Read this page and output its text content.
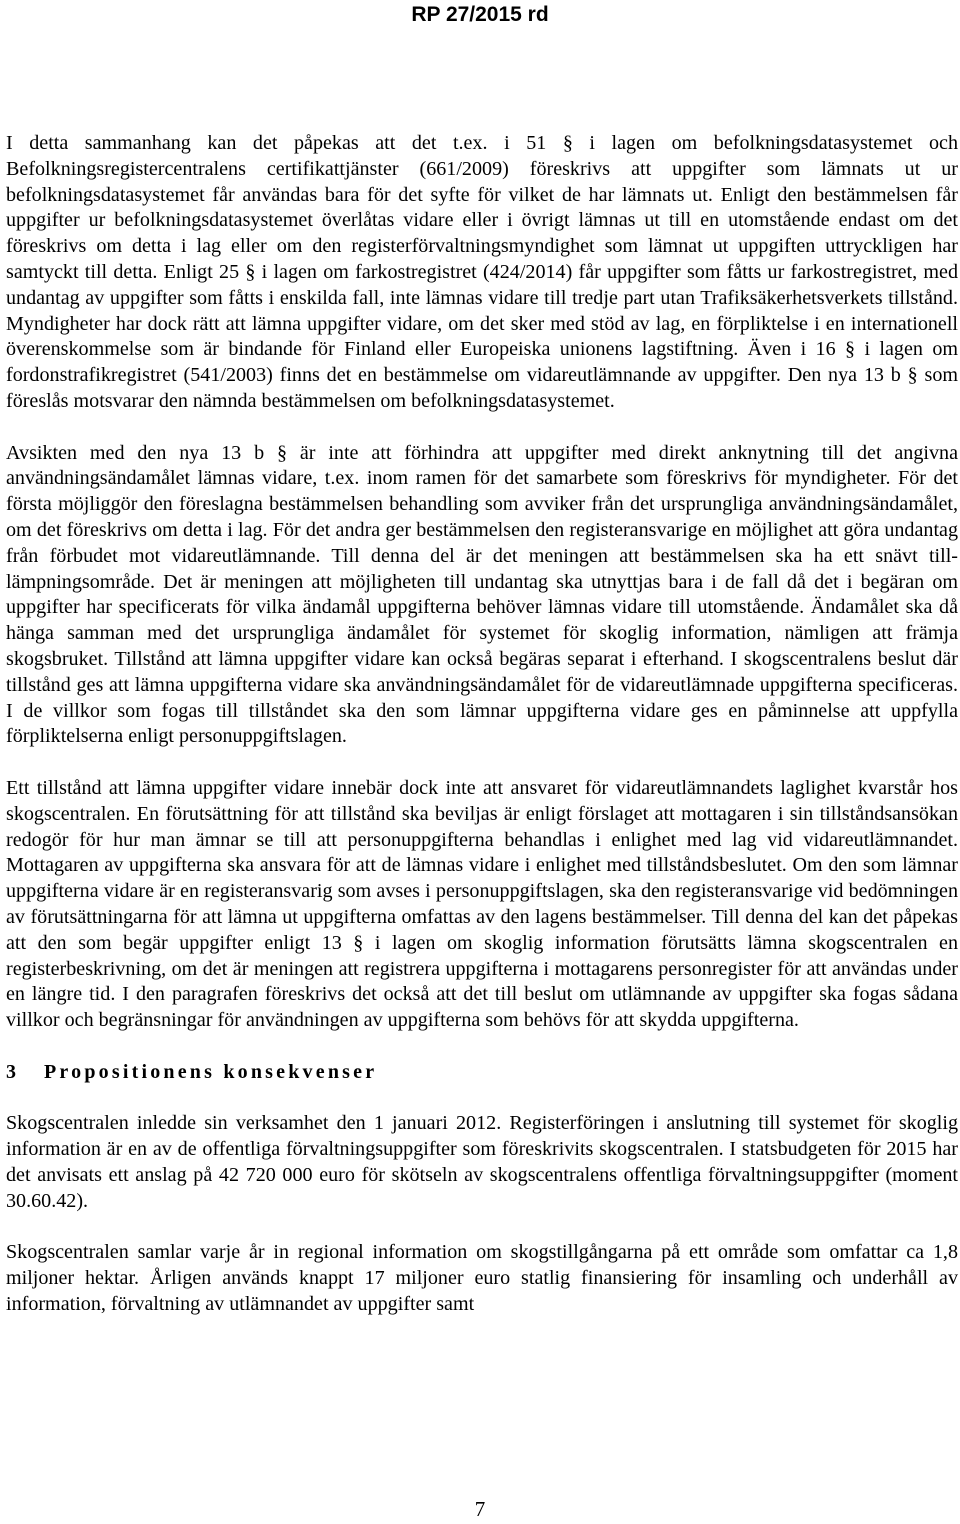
RP 27/2015 rd

I detta sammanhang kan det påpekas att det t.ex. i 51 § i lagen om befolkningsdatasystemet och Befolkningsregistercentralens certifikattjänster (661/2009) föreskrivs att uppgifter som lämnats ut ur befolkningsdatasystemet får användas bara för det syfte för vilket de har lämnats ut. Enligt den bestämmelsen får uppgifter ur befolkningsdatasystemet överlåtas vidare eller i övrigt lämnas ut till en utomstående endast om det föreskrivs om detta i lag eller om den registerförvaltningsmyndighet som lämnat ut uppgiften uttryckligen har samtyckt till detta. Enligt 25 § i lagen om farkostregistret (424/2014) får uppgifter som fåtts ur farkostregistret, med undantag av uppgifter som fåtts i enskilda fall, inte lämnas vidare till tredje part utan Trafiksäkerhetsverkets tillstånd. Myndigheter har dock rätt att lämna uppgifter vidare, om det sker med stöd av lag, en förpliktelse i en internationell överenskommelse som är bindande för Finland eller Europeiska unionens lagstiftning. Även i 16 § i lagen om fordonstrafikregistret (541/2003) finns det en bestämmelse om vidareutlämnande av uppgifter. Den nya 13 b § som föreslås motsvarar den nämnda bestämmelsen om befolkningsdatasystemet.

Avsikten med den nya 13 b § är inte att förhindra att uppgifter med direkt anknytning till det angivna användningsändamålet lämnas vidare, t.ex. inom ramen för det samarbete som föreskrivs för myndigheter. För det första möjliggör den föreslagna bestämmelsen behandling som avviker från det ursprungliga användningsändamålet, om det föreskrivs om detta i lag. För det andra ger bestämmelsen den registeransvarige en möjlighet att göra undantag från förbudet mot vidareutlämnande. Till denna del är det meningen att bestämmelsen ska ha ett snävt tilllämpningsområde. Det är meningen att möjligheten till undantag ska utnyttjas bara i de fall då det i begäran om uppgifter har specificerats för vilka ändamål uppgifterna behöver lämnas vidare till utomstående. Ändamålet ska då hänga samman med det ursprungliga ändamålet för systemet för skoglig information, nämligen att främja skogsbruket. Tillstånd att lämna uppgifter vidare kan också begäras separat i efterhand. I skogscentralens beslut där tillstånd ges att lämna uppgifterna vidare ska användningsändamålet för de vidareutlämnade uppgifterna specificeras. I de villkor som fogas till tillståndet ska den som lämnar uppgifterna vidare ges en påminnelse att uppfylla förpliktelserna enligt personuppgiftslagen.

Ett tillstånd att lämna uppgifter vidare innebär dock inte att ansvaret för vidareutlämnandets laglighet kvarstår hos skogscentralen. En förutsättning för att tillstånd ska beviljas är enligt förslaget att mottagaren i sin tillståndsansökan redogör för hur man ämnar se till att personuppgifterna behandlas i enlighet med lag vid vidareutlämnandet. Mottagaren av uppgifterna ska ansvara för att de lämnas vidare i enlighet med tillståndsbeslutet. Om den som lämnar uppgifterna vidare är en registeransvarig som avses i personuppgiftslagen, ska den registeransvarige vid bedömningen av förutsättningarna för att lämna ut uppgifterna omfattas av den lagens bestämmelser. Till denna del kan det påpekas att den som begär uppgifter enligt 13 § i lagen om skoglig information förutsätts lämna skogscentralen en registerbeskrivning, om det är meningen att registrera uppgifterna i mottagarens personregister för att användas under en längre tid. I den paragrafen föreskrivs det också att det till beslut om utlämnande av uppgifter ska fogas sådana villkor och begränsningar för användningen av uppgifterna som behövs för att skydda uppgifterna.

3 Propositionens konsekvenser

Skogscentralen inledde sin verksamhet den 1 januari 2012. Registerföringen i anslutning till systemet för skoglig information är en av de offentliga förvaltningsuppgifter som föreskrivits skogscentralen. I statsbudgeten för 2015 har det anvisats ett anslag på 42 720 000 euro för skötseln av skogscentralens offentliga förvaltningsuppgifter (moment 30.60.42).

Skogscentralen samlar varje år in regional information om skogstillgångarna på ett område som omfattar ca 1,8 miljoner hektar. Årligen används knappt 17 miljoner euro statlig finansiering för insamling och underhåll av information, förvaltning av utlämnandet av uppgifter samt

7
